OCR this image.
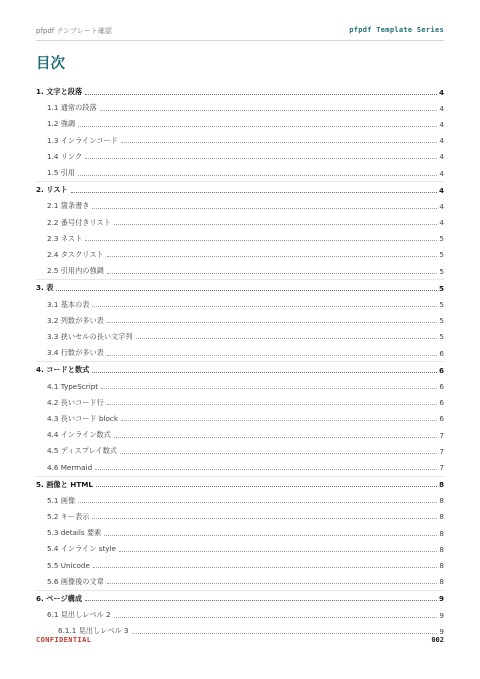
pfpdf テンプレート確認	pfpdf Template Series
目次
1. 文字と段落	4
1.1 通常の段落	4
1.2 強調	4
1.3 インラインコード	4
1.4 リンク	4
1.5 引用	4
2. リスト	4
2.1 箇条書き	4
2.2 番号付きリスト	4
2.3 ネスト	5
2.4 タスクリスト	5
2.5 引用内の強調	5
3. 表	5
3.1 基本の表	5
3.2 列数が多い表	5
3.3 狭いセルの長い文字列	5
3.4 行数が多い表	6
4. コードと数式	6
4.1 TypeScript	6
4.2 長いコード行	6
4.3 長いコード block	6
4.4 インライン数式	7
4.5 ディスプレイ数式	7
4.6 Mermaid	7
5. 画像と HTML	8
5.1 画像	8
5.2 キー表示	8
5.3 details 要素	8
5.4 インライン style	8
5.5 Unicode	8
5.6 画像後の文章	8
6. ページ構成	9
6.1 見出しレベル 2	9
6.1.1 見出しレベル 3	9
CONFIDENTIAL	002
